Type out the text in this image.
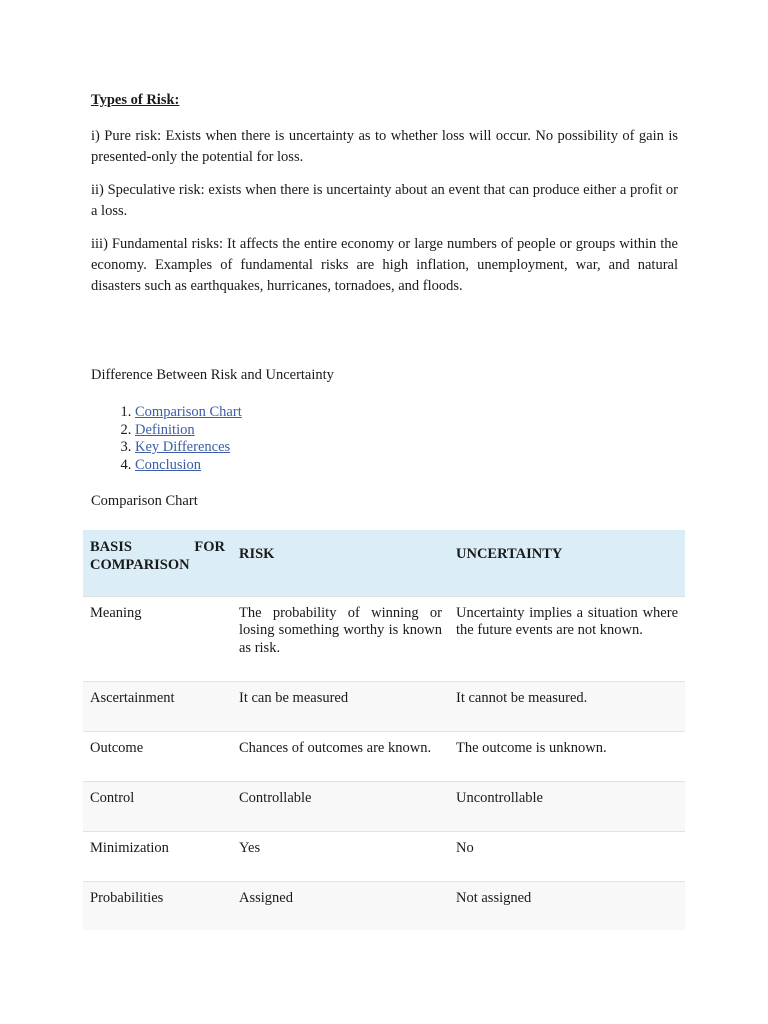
Types of Risk:
i) Pure risk: Exists when there is uncertainty as to whether loss will occur. No possibility of gain is presented-only the potential for loss.
ii) Speculative risk: exists when there is uncertainty about an event that can produce either a profit or a loss.
iii) Fundamental risks: It affects the entire economy or large numbers of people or groups within the economy. Examples of fundamental risks are high inflation, unemployment, war, and natural disasters such as earthquakes, hurricanes, tornadoes, and floods.
Difference Between Risk and Uncertainty
1. Comparison Chart
2. Definition
3. Key Differences
4. Conclusion
Comparison Chart
BASIS FOR COMPARISON	RISK	UNCERTAINTY
Meaning	The probability of winning or losing something worthy is known as risk.	Uncertainty implies a situation where the future events are not known.
Ascertainment	It can be measured	It cannot be measured.
Outcome	Chances of outcomes are known.	The outcome is unknown.
Control	Controllable	Uncontrollable
Minimization	Yes	No
Probabilities	Assigned	Not assigned
